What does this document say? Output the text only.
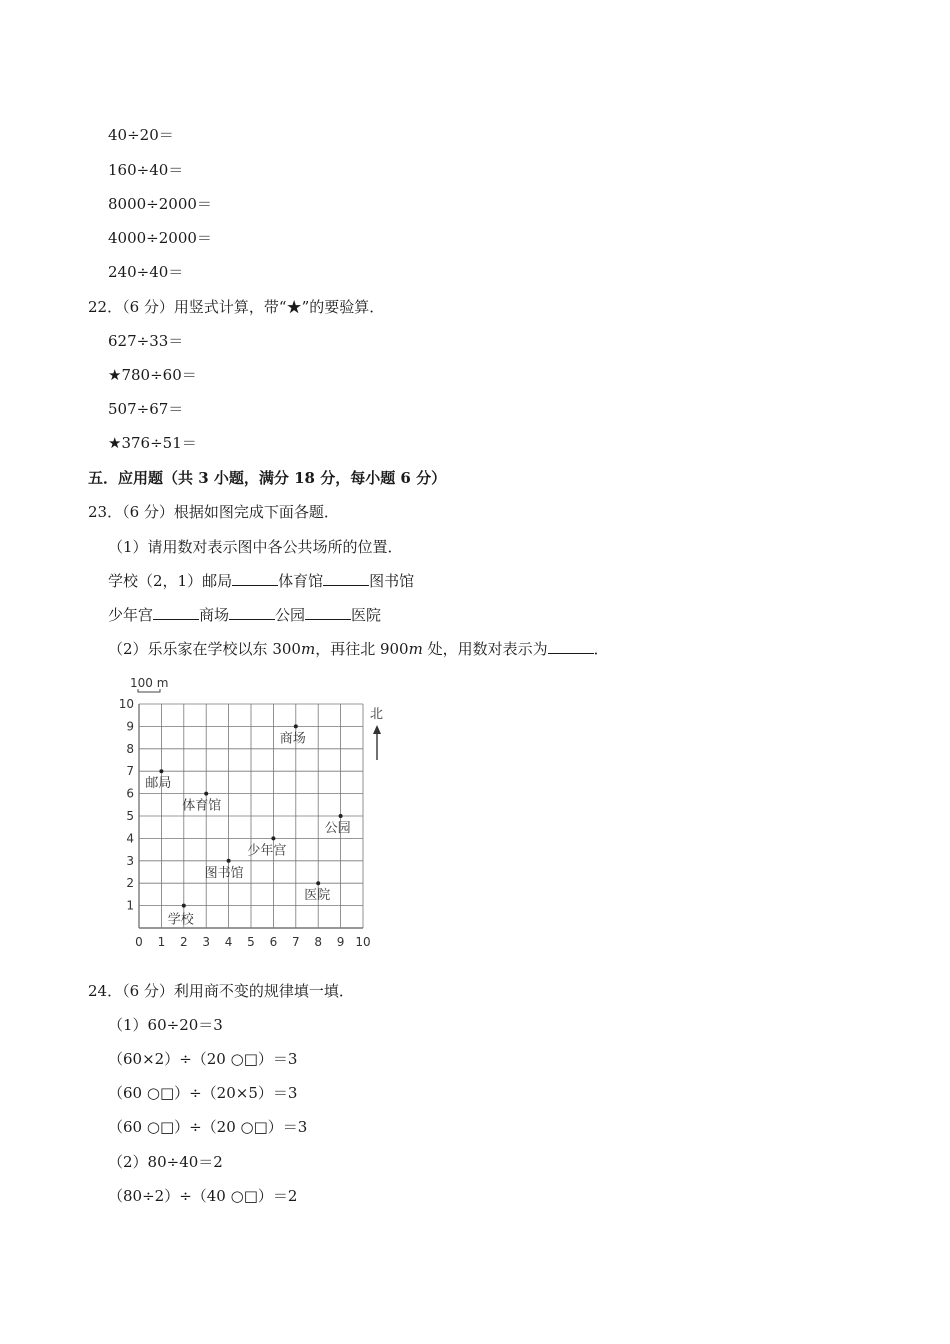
40÷20＝
160÷40＝
8000÷2000＝
4000÷2000＝
240÷40＝
22．（6 分）用竖式计算，带“★”的要验算．
627÷33＝
★780÷60＝
507÷67＝
★376÷51＝
五．应用题（共 3 小题，满分 18 分，每小题 6 分）
23．（6 分）根据如图完成下面各题．
（1）请用数对表示图中各公共场所的位置．
学校（2，1）邮局	体育馆	图书馆
少年宫	商场	公园	医院
（2）乐乐家在学校以东 300m，再往北 900m 处，用数对表示为	．
0 1 2 3 4 5 6 7 8 9 10
1
2
3
4
5
6
7
8
9
10
100 m
北
学校
邮局
体育馆
图书馆
少年宫
商场
公园
医院
24．（6 分）利用商不变的规律填一填．
（1）60÷20＝3
（60×2）÷（20 ○□）＝3
（60 ○□）÷（20×5）＝3
（60 ○□）÷（20 ○□）＝3
（2）80÷40＝2
（80÷2）÷（40 ○□）＝2
